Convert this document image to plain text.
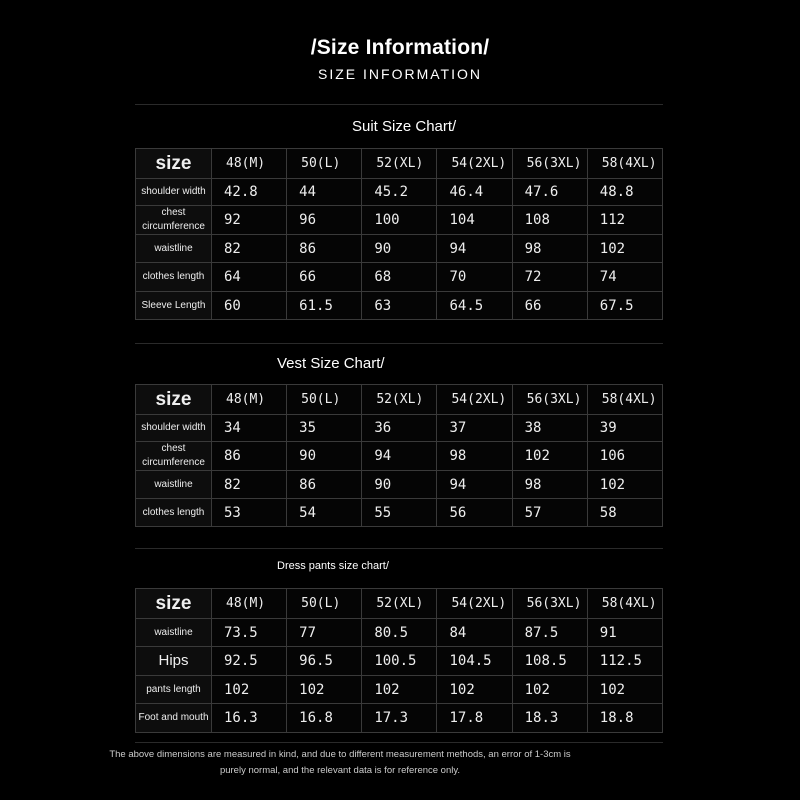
/Size Information/
SIZE INFORMATION
Suit Size Chart/
size	48(M)	50(L)	52(XL)	54(2XL)	56(3XL)	58(4XL)
shoulder width	42.8	44	45.2	46.4	47.6	48.8
chest circumference	92	96	100	104	108	112
waistline	82	86	90	94	98	102
clothes length	64	66	68	70	72	74
Sleeve Length	60	61.5	63	64.5	66	67.5
Vest Size Chart/
size	48(M)	50(L)	52(XL)	54(2XL)	56(3XL)	58(4XL)
shoulder width	34	35	36	37	38	39
chest circumference	86	90	94	98	102	106
waistline	82	86	90	94	98	102
clothes length	53	54	55	56	57	58
Dress pants size chart/
size	48(M)	50(L)	52(XL)	54(2XL)	56(3XL)	58(4XL)
waistline	73.5	77	80.5	84	87.5	91
Hips	92.5	96.5	100.5	104.5	108.5	112.5
pants length	102	102	102	102	102	102
Foot and mouth	16.3	16.8	17.3	17.8	18.3	18.8
The above dimensions are measured in kind, and due to different measurement methods, an error of 1-3cm is
purely normal, and the relevant data is for reference only.
